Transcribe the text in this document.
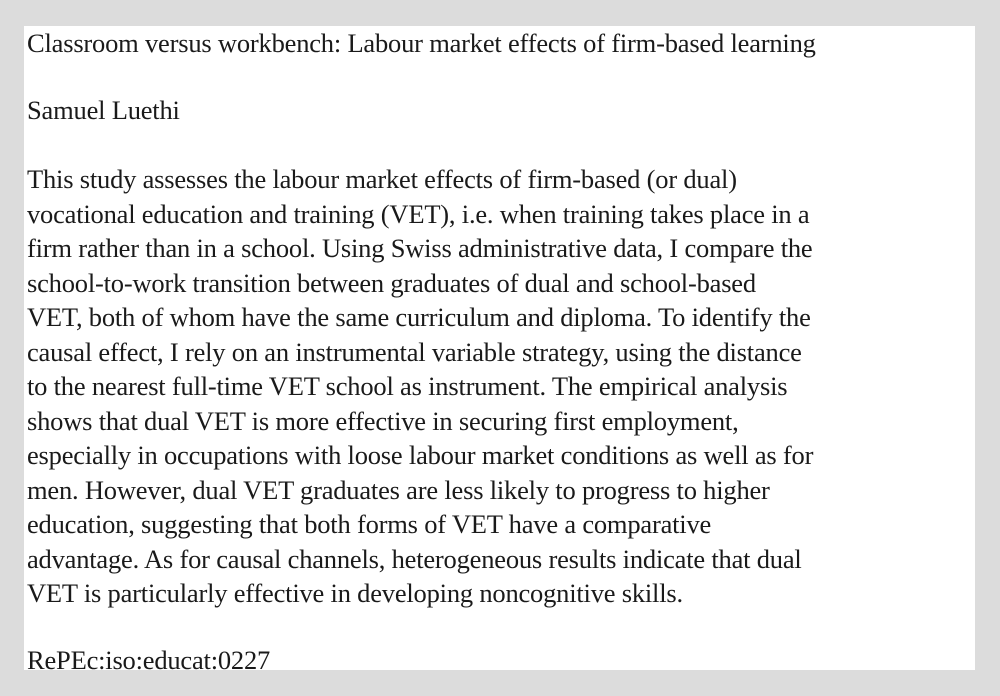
Classroom versus workbench: Labour market effects of firm-based learning

Samuel Luethi

This study assesses the labour market effects of firm-based (or dual)
vocational education and training (VET), i.e. when training takes place in a
firm rather than in a school. Using Swiss administrative data, I compare the
school-to-work transition between graduates of dual and school-based
VET, both of whom have the same curriculum and diploma. To identify the
causal effect, I rely on an instrumental variable strategy, using the distance
to the nearest full-time VET school as instrument. The empirical analysis
shows that dual VET is more effective in securing first employment,
especially in occupations with loose labour market conditions as well as for
men. However, dual VET graduates are less likely to progress to higher
education, suggesting that both forms of VET have a comparative
advantage. As for causal channels, heterogeneous results indicate that dual
VET is particularly effective in developing noncognitive skills.

RePEc:iso:educat:0227
